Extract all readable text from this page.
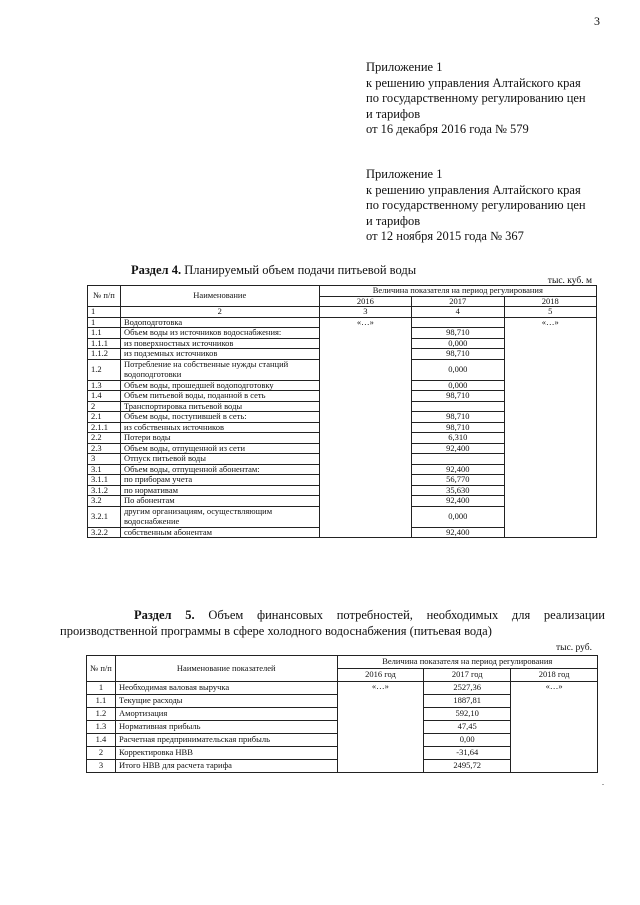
3
Приложение 1
к решению управления Алтайского края
по государственному регулированию цен
и тарифов
от 16 декабря 2016 года № 579
Приложение 1
к решению управления Алтайского края
по государственному регулированию цен
и тарифов
от 12 ноября 2015 года № 367
Раздел 4. Планируемый объем подачи питьевой воды
тыс. куб. м
№ п/п	Наименование	Величина показателя на период регулирования		
		2016	2017	2018
1	2	3	4	5
1	Водоподготовка	«…»		«…»
1.1	Объем воды из источников водоснабжения:		98,710	
1.1.1	из поверхностных источников		0,000	
1.1.2	из подземных источников		98,710	
1.2	Потребление на собственные нужды станций водоподготовки		0,000	
1.3	Объем воды, прошедшей водоподготовку		0,000	
1.4	Объем питьевой воды, поданной в сеть		98,710	
2	Транспортировка питьевой воды			
2.1	Объем воды, поступившей в сеть:		98,710	
2.1.1	из собственных источников		98,710	
2.2	Потери воды		6,310	
2.3	Объем воды, отпущенной из сети		92,400	
3	Отпуск питьевой воды			
3.1	Объем воды, отпущенной абонентам:		92,400	
3.1.1	по приборам учета		56,770	
3.1.2	по нормативам		35,630	
3.2	По абонентам		92,400	
3.2.1	другим организациям, осуществляющим водоснабжение		0,000	
3.2.2	собственным абонентам		92,400	
Раздел 5. Объем финансовых потребностей, необходимых для реализации производственной программы в сфере холодного водоснабжения (питьевая вода)
тыс. руб.
№ п/п	Наименование показателей	Величина показателя на период регулирования		
		2016 год	2017 год	2018 год
1	Необходимая валовая выручка	«…»	2527,36	«…»
1.1	Текущие расходы		1887,81	
1.2	Амортизация		592,10	
1.3	Нормативная прибыль		47,45	
1.4	Расчетная предпринимательская прибыль		0,00	
2	Корректировка НВВ		-31,64	
3	Итого НВВ для расчета тарифа		2495,72	
.
